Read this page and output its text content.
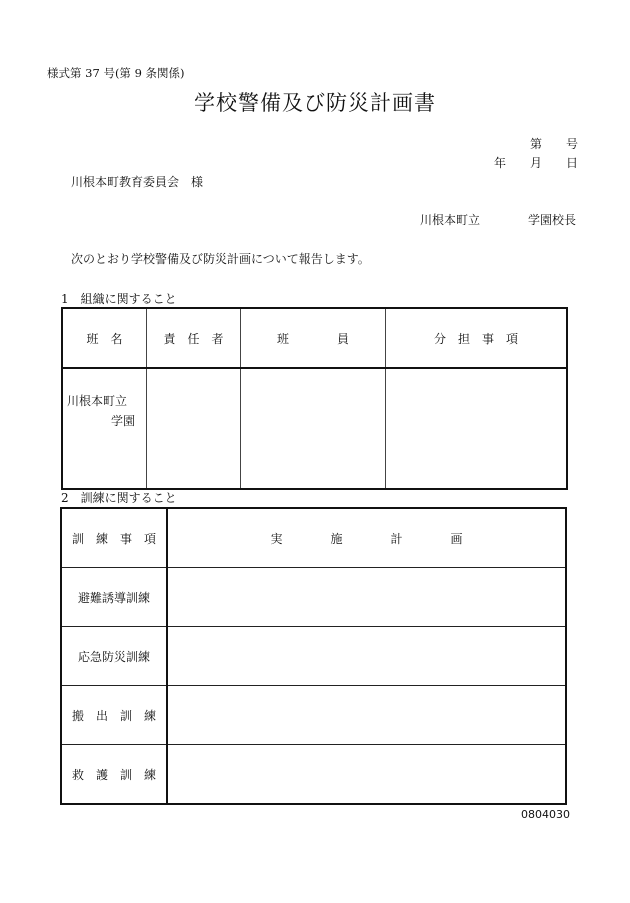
様式第 37 号(第 9 条関係)
学校警備及び防災計画書
第　　号
年　　月　　日
川根本町教育委員会　様
川根本町立	学園校長
次のとおり学校警備及び防災計画について報告します。
1　組織に関すること
班　名	責　任　者	班　　　　員	分　担　事　項

川根本町立
学園			

2　訓練に関すること
訓　練　事　項	実　　　　施　　　　計　　　　画
避難誘導訓練	
応急防災訓練	
搬　出　訓　練	
救　護　訓　練	
0804030
